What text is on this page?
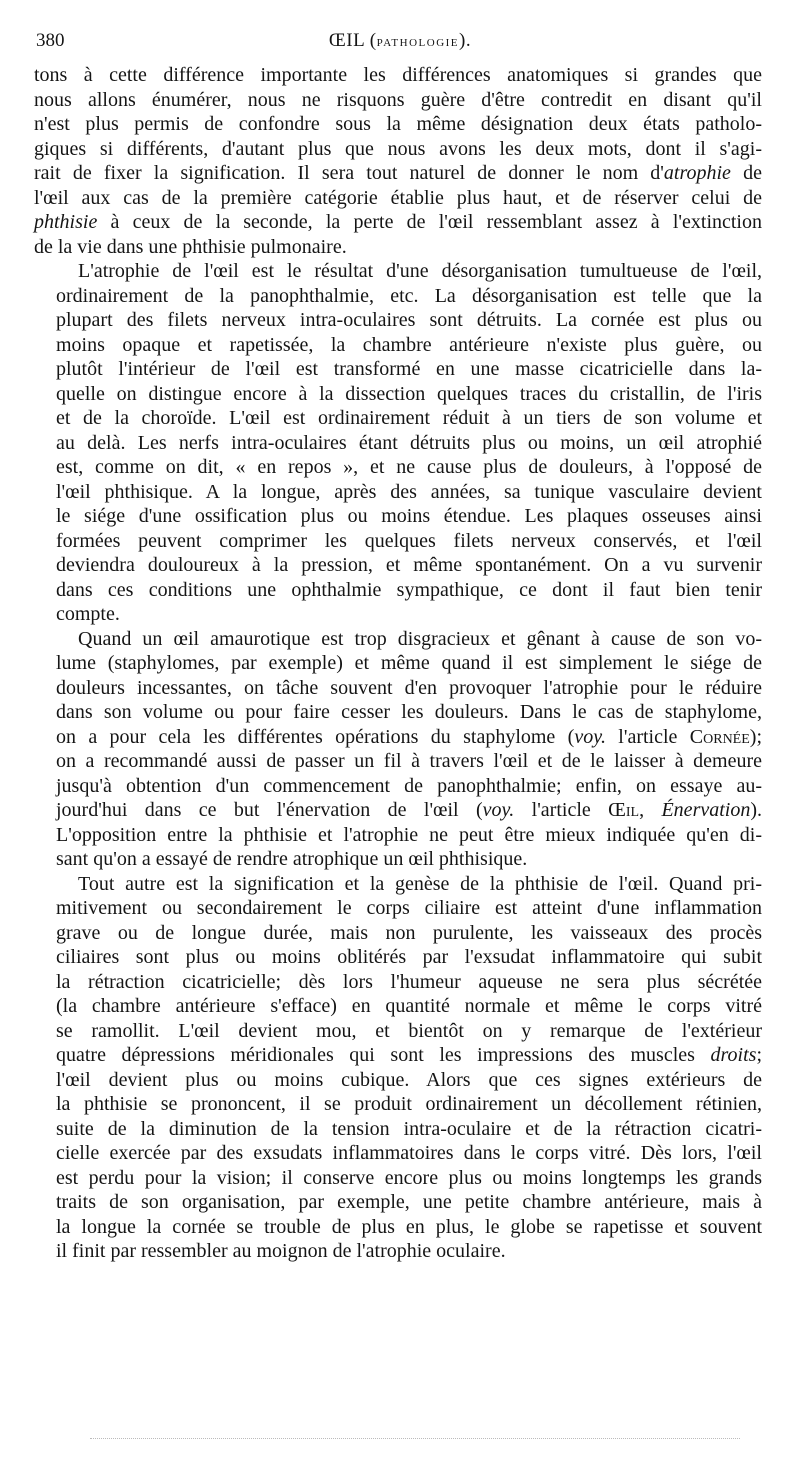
380	ŒIL (pathologie).

tons à cette différence importante les différences anatomiques si grandes que
nous allons énumérer, nous ne risquons guère d'être contredit en disant qu'il
n'est plus permis de confondre sous la même désignation deux états patholo-
giques si différents, d'autant plus que nous avons les deux mots, dont il s'agi-
rait de fixer la signification. Il sera tout naturel de donner le nom d'atrophie de
l'œil aux cas de la première catégorie établie plus haut, et de réserver celui de
phthisie à ceux de la seconde, la perte de l'œil ressemblant assez à l'extinction
de la vie dans une phthisie pulmonaire.

L'atrophie de l'œil est le résultat d'une désorganisation tumultueuse de l'œil,
ordinairement de la panophthalmie, etc. La désorganisation est telle que la
plupart des filets nerveux intra-oculaires sont détruits. La cornée est plus ou
moins opaque et rapetissée, la chambre antérieure n'existe plus guère, ou
plutôt l'intérieur de l'œil est transformé en une masse cicatricielle dans la-
quelle on distingue encore à la dissection quelques traces du cristallin, de l'iris
et de la choroïde. L'œil est ordinairement réduit à un tiers de son volume et
au delà. Les nerfs intra-oculaires étant détruits plus ou moins, un œil atrophié
est, comme on dit, « en repos », et ne cause plus de douleurs, à l'opposé de
l'œil phthisique. A la longue, après des années, sa tunique vasculaire devient
le siége d'une ossification plus ou moins étendue. Les plaques osseuses ainsi
formées peuvent comprimer les quelques filets nerveux conservés, et l'œil
deviendra douloureux à la pression, et même spontanément. On a vu survenir
dans ces conditions une ophthalmie sympathique, ce dont il faut bien tenir
compte.

Quand un œil amaurotique est trop disgracieux et gênant à cause de son vo-
lume (staphylomes, par exemple) et même quand il est simplement le siége de
douleurs incessantes, on tâche souvent d'en provoquer l'atrophie pour le réduire
dans son volume ou pour faire cesser les douleurs. Dans le cas de staphylome,
on a pour cela les différentes opérations du staphylome (voy. l'article Cornée);
on a recommandé aussi de passer un fil à travers l'œil et de le laisser à demeure
jusqu'à obtention d'un commencement de panophthalmie; enfin, on essaye au-
jourd'hui dans ce but l'énervation de l'œil (voy. l'article Œil, Énervation).
L'opposition entre la phthisie et l'atrophie ne peut être mieux indiquée qu'en di-
sant qu'on a essayé de rendre atrophique un œil phthisique.

Tout autre est la signification et la genèse de la phthisie de l'œil. Quand pri-
mitivement ou secondairement le corps ciliaire est atteint d'une inflammation
grave ou de longue durée, mais non purulente, les vaisseaux des procès
ciliaires sont plus ou moins oblitérés par l'exsudat inflammatoire qui subit
la rétraction cicatricielle; dès lors l'humeur aqueuse ne sera plus sécrétée
(la chambre antérieure s'efface) en quantité normale et même le corps vitré
se ramollit. L'œil devient mou, et bientôt on y remarque de l'extérieur
quatre dépressions méridionales qui sont les impressions des muscles droits;
l'œil devient plus ou moins cubique. Alors que ces signes extérieurs de
la phthisie se prononcent, il se produit ordinairement un décollement rétinien,
suite de la diminution de la tension intra-oculaire et de la rétraction cicatri-
cielle exercée par des exsudats inflammatoires dans le corps vitré. Dès lors, l'œil
est perdu pour la vision; il conserve encore plus ou moins longtemps les grands
traits de son organisation, par exemple, une petite chambre antérieure, mais à
la longue la cornée se trouble de plus en plus, le globe se rapetisse et souvent
il finit par ressembler au moignon de l'atrophie oculaire.
